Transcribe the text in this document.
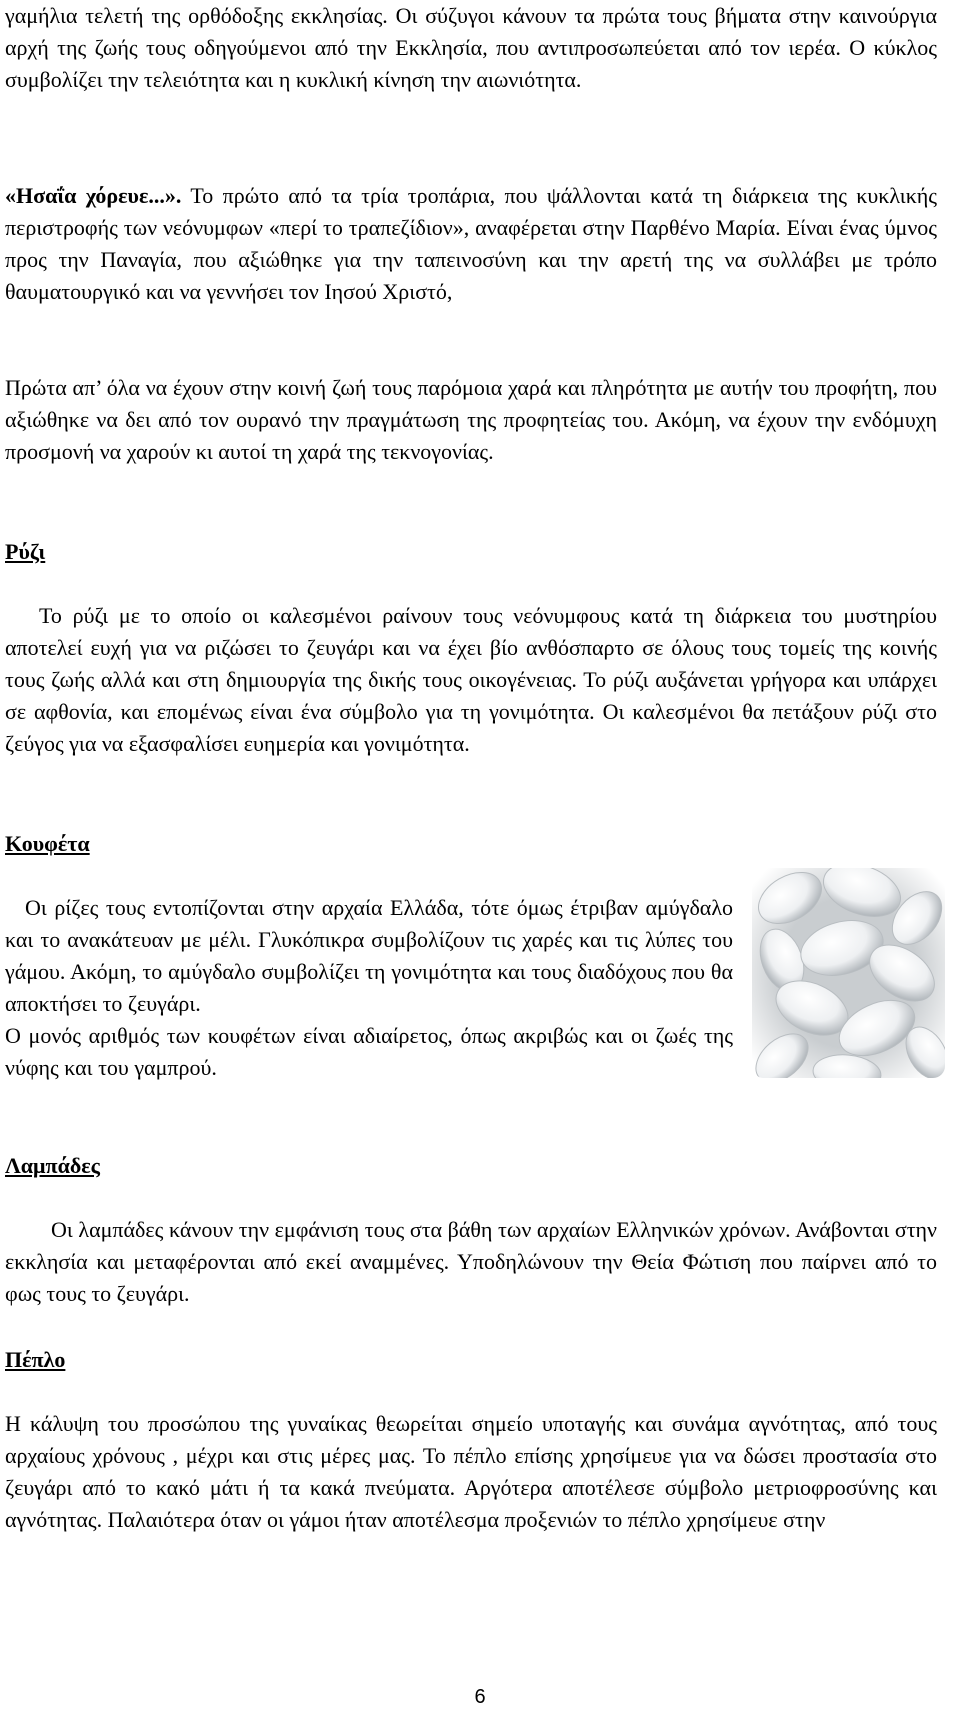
γαμήλια τελετή της ορθόδοξης εκκλησίας. Οι σύζυγοι κάνουν τα πρώτα τους βήματα στην καινούργια αρχή της ζωής τους οδηγούμενοι από την Εκκλησία, που αντιπροσωπεύεται από τον ιερέα. Ο κύκλος συμβολίζει την τελειότητα και η κυκλική κίνηση την αιωνιότητα.

«Ησαΐα χόρευε...». Το πρώτο από τα τρία τροπάρια, που ψάλλονται κατά τη διάρκεια της κυκλικής περιστροφής των νεόνυμφων «περί το τραπεζίδιον», αναφέρεται στην Παρθένο Μαρία. Είναι ένας ύμνος προς την Παναγία, που αξιώθηκε για την ταπεινοσύνη και την αρετή της να συλλάβει με τρόπο θαυματουργικό και να γεννήσει τον Ιησού Χριστό,

Πρώτα απ’ όλα να έχουν στην κοινή ζωή τους παρόμοια χαρά και πληρότητα με αυτήν του προφήτη, που αξιώθηκε να δει από τον ουρανό την πραγμάτωση της προφητείας του. Ακόμη, να έχουν την ενδόμυχη προσμονή να χαρούν κι αυτοί τη χαρά της τεκνογονίας.

Ρύζι

Το ρύζι με το οποίο οι καλεσμένοι ραίνουν τους νεόνυμφους κατά τη διάρκεια του μυστηρίου αποτελεί ευχή για να ριζώσει το ζευγάρι και να έχει βίο ανθόσπαρτο σε όλους τους τομείς της κοινής τους ζωής αλλά και στη δημιουργία της δικής τους οικογένειας. Το ρύζι αυξάνεται γρήγορα και υπάρχει σε αφθονία, και επομένως είναι ένα σύμβολο για τη γονιμότητα. Οι καλεσμένοι θα πετάξουν ρύζι στο ζεύγος για να εξασφαλίσει ευημερία και γονιμότητα.

Κουφέτα

Οι ρίζες τους εντοπίζονται στην αρχαία Ελλάδα, τότε όμως έτριβαν αμύγδαλο και το ανακάτευαν με μέλι. Γλυκόπικρα συμβολίζουν τις χαρές και τις λύπες του γάμου. Ακόμη, το αμύγδαλο συμβολίζει τη γονιμότητα και τους διαδόχους που θα αποκτήσει το ζευγάρι.

Ο μονός αριθμός των κουφέτων είναι αδιαίρετος, όπως ακριβώς και οι ζωές της νύφης και του γαμπρού.

Λαμπάδες

Οι λαμπάδες κάνουν την εμφάνιση τους στα βάθη των αρχαίων Ελληνικών χρόνων. Ανάβονται στην εκκλησία και μεταφέρονται από εκεί αναμμένες. Υποδηλώνουν την Θεία Φώτιση που παίρνει από το φως τους το ζευγάρι.

Πέπλο

Η κάλυψη του προσώπου της γυναίκας θεωρείται σημείο υποταγής και συνάμα αγνότητας, από τους αρχαίους χρόνους , μέχρι και στις μέρες μας. Το πέπλο επίσης χρησίμευε για να δώσει προστασία στο ζευγάρι από το κακό μάτι ή τα κακά πνεύματα. Αργότερα αποτέλεσε σύμβολο μετριοφροσύνης και αγνότητας. Παλαιότερα όταν οι γάμοι ήταν αποτέλεσμα προξενιών το πέπλο χρησίμευε στην

6
